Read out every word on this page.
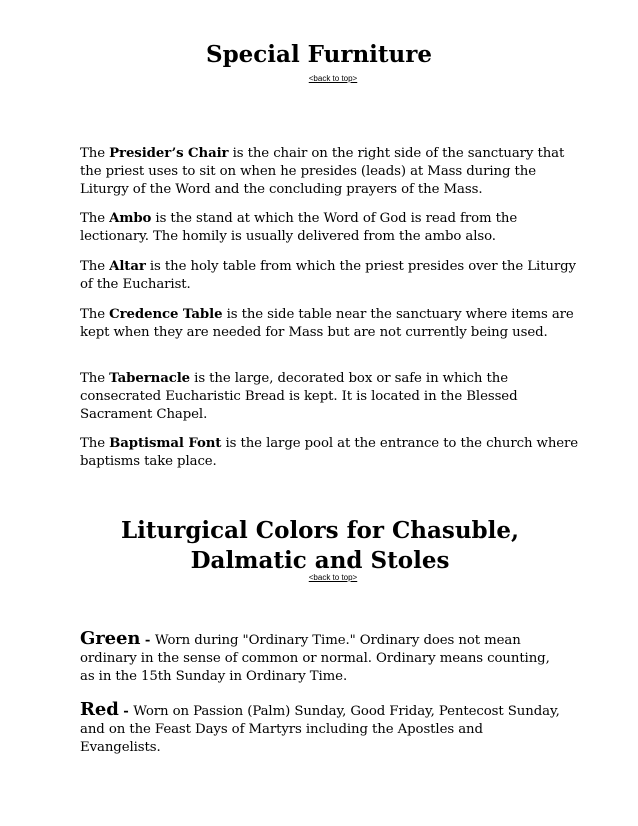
Special Furniture
<back to top>

The Presider’s Chair is the chair on the right side of the sanctuary that the priest uses to sit on when he presides (leads) at Mass during the Liturgy of the Word and the concluding prayers of the Mass.

The Ambo is the stand at which the Word of God is read from the lectionary. The homily is usually delivered from the ambo also.

The Altar is the holy table from which the priest presides over the Liturgy of the Eucharist.

The Credence Table is the side table near the sanctuary where items are kept when they are needed for Mass but are not currently being used.

The Tabernacle is the large, decorated box or safe in which the consecrated Eucharistic Bread is kept. It is located in the Blessed Sacrament Chapel.

The Baptismal Font is the large pool at the entrance to the church where baptisms take place.

Liturgical Colors for Chasuble,
Dalmatic and Stoles
<back to top>

Green - Worn during "Ordinary Time." Ordinary does not mean ordinary in the sense of common or normal. Ordinary means counting, as in the 15th Sunday in Ordinary Time.

Red - Worn on Passion (Palm) Sunday, Good Friday, Pentecost Sunday, and on the Feast Days of Martyrs including the Apostles and Evangelists.
